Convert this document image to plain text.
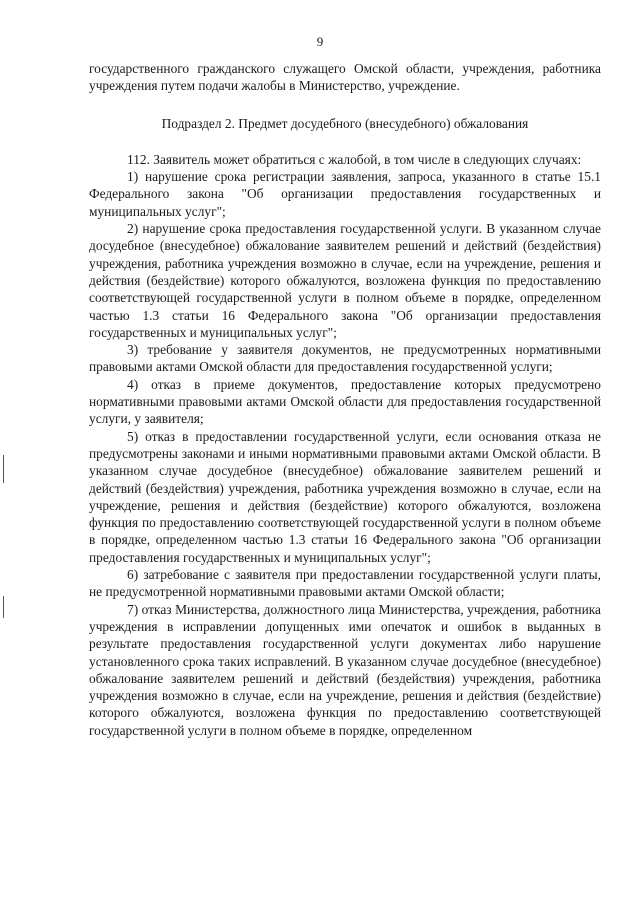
9

государственного гражданского служащего Омской области, учреждения, работника учреждения путем подачи жалобы в Министерство, учреждение.

Подраздел 2. Предмет досудебного (внесудебного) обжалования

112. Заявитель может обратиться с жалобой, в том числе в следующих случаях:

1) нарушение срока регистрации заявления, запроса, указанного в статье 15.1 Федерального закона "Об организации предоставления государственных и муниципальных услуг";

2) нарушение срока предоставления государственной услуги. В указанном случае досудебное (внесудебное) обжалование заявителем решений и действий (бездействия) учреждения, работника учреждения возможно в случае, если на учреждение, решения и действия (бездействие) которого обжалуются, возложена функция по предоставлению соответствующей государственной услуги в полном объеме в порядке, определенном частью 1.3 статьи 16 Федерального закона "Об организации предоставления государственных и муниципальных услуг";

3) требование у заявителя документов, не предусмотренных нормативными правовыми актами Омской области для предоставления государственной услуги;

4) отказ в приеме документов, предоставление которых предусмотрено нормативными правовыми актами Омской области для предоставления государственной услуги, у заявителя;

5) отказ в предоставлении государственной услуги, если основания отказа не предусмотрены законами и иными нормативными правовыми актами Омской области. В указанном случае досудебное (внесудебное) обжалование заявителем решений и действий (бездействия) учреждения, работника учреждения возможно в случае, если на учреждение, решения и действия (бездействие) которого обжалуются, возложена функция по предоставлению соответствующей государственной услуги в полном объеме в порядке, определенном частью 1.3 статьи 16 Федерального закона "Об организации предоставления государственных и муниципальных услуг";

6) затребование с заявителя при предоставлении государственной услуги платы, не предусмотренной нормативными правовыми актами Омской области;

7) отказ Министерства, должностного лица Министерства, учреждения, работника учреждения в исправлении допущенных ими опечаток и ошибок в выданных в результате предоставления государственной услуги документах либо нарушение установленного срока таких исправлений. В указанном случае досудебное (внесудебное) обжалование заявителем решений и действий (бездействия) учреждения, работника учреждения возможно в случае, если на учреждение, решения и действия (бездействие) которого обжалуются, возложена функция по предоставлению соответствующей государственной услуги в полном объеме в порядке, определенном
